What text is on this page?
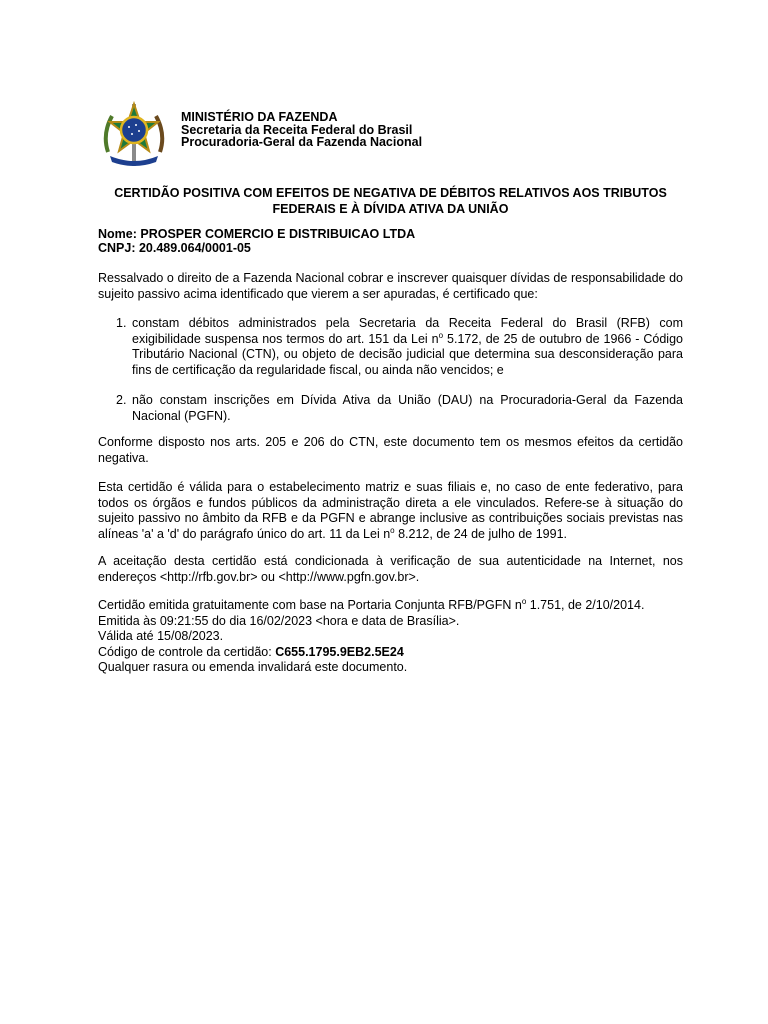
MINISTÉRIO DA FAZENDA
Secretaria da Receita Federal do Brasil
Procuradoria-Geral da Fazenda Nacional
CERTIDÃO POSITIVA COM EFEITOS DE NEGATIVA DE DÉBITOS RELATIVOS AOS TRIBUTOS
FEDERAIS E À DÍVIDA ATIVA DA UNIÃO
Nome: PROSPER COMERCIO E DISTRIBUICAO LTDA
CNPJ: 20.489.064/0001-05

Ressalvado o direito de a Fazenda Nacional cobrar e inscrever quaisquer dívidas de responsabilidade do sujeito passivo acima identificado que vierem a ser apuradas, é certificado que:

1. constam débitos administrados pela Secretaria da Receita Federal do Brasil (RFB) com exigibilidade suspensa nos termos do art. 151 da Lei $n^o$ 5.172, de 25 de outubro de 1966 - Código Tributário Nacional (CTN), ou objeto de decisão judicial que determina sua desconsideração para fins de certificação da regularidade fiscal, ou ainda não vencidos; e
2. não constam inscrições em Dívida Ativa da União (DAU) na Procuradoria-Geral da Fazenda Nacional (PGFN).

Conforme disposto nos arts. 205 e 206 do CTN, este documento tem os mesmos efeitos da certidão negativa.

Esta certidão é válida para o estabelecimento matriz e suas filiais e, no caso de ente federativo, para todos os órgãos e fundos públicos da administração direta a ele vinculados. Refere-se à situação do sujeito passivo no âmbito da RFB e da PGFN e abrange inclusive as contribuições sociais previstas nas alíneas 'a' a 'd' do parágrafo único do art. 11 da Lei $n^o$ 8.212, de 24 de julho de 1991.

A aceitação desta certidão está condicionada à verificação de sua autenticidade na Internet, nos endereços <http://rfb.gov.br> ou <http://www.pgfn.gov.br>.

Certidão emitida gratuitamente com base na Portaria Conjunta RFB/PGFN $n^o$ 1.751, de 2/10/2014.
Emitida às 09:21:55 do dia 16/02/2023 <hora e data de Brasília>.
Válida até 15/08/2023.
Código de controle da certidão: C655.1795.9EB2.5E24
Qualquer rasura ou emenda invalidará este documento.
